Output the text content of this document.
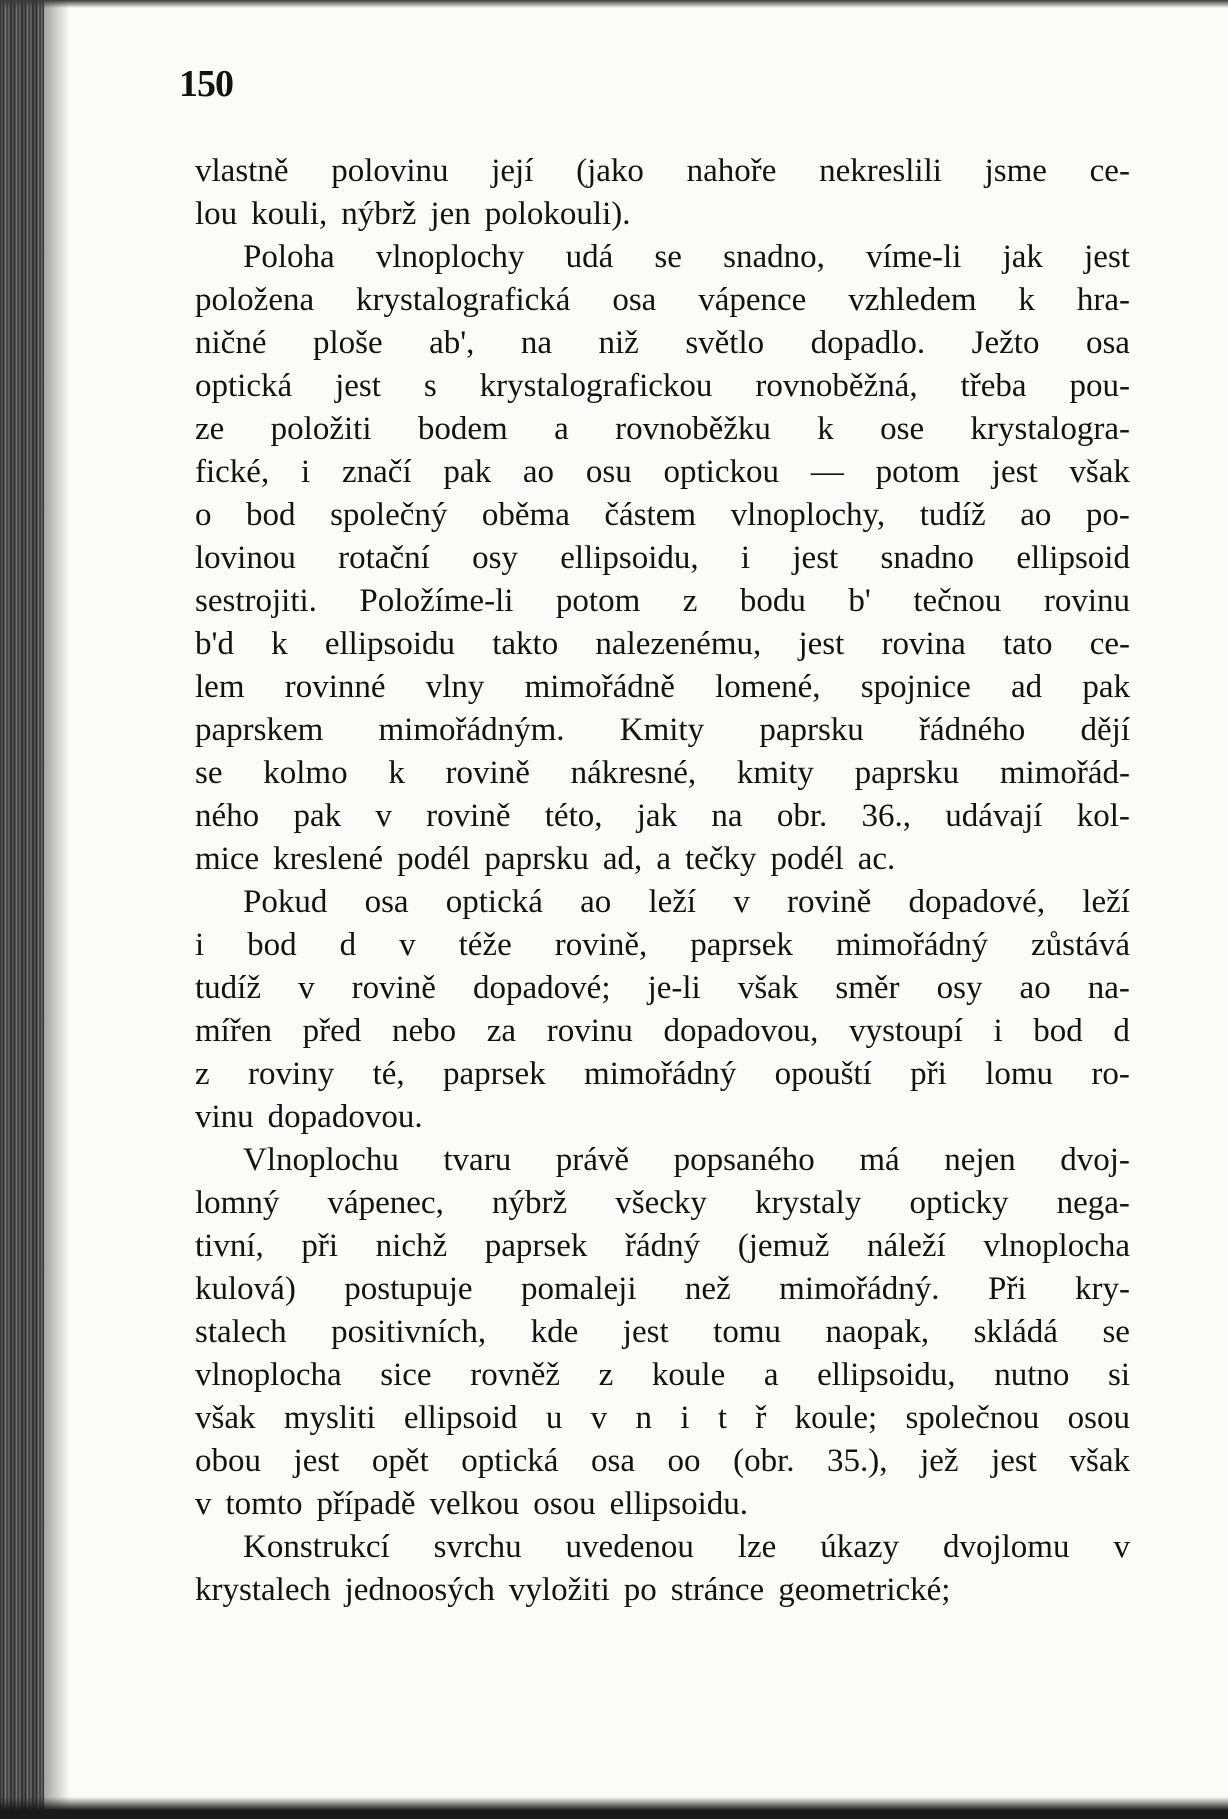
150
vlastně polovinu její (jako nahoře nekreslili jsme ce-
lou kouli, nýbrž jen polokouli).
Poloha vlnoplochy udá se snadno, víme-li jak jest
položena krystalografická osa vápence vzhledem k hra-
ničné ploše ab', na niž světlo dopadlo. Ježto osa
optická jest s krystalografickou rovnoběžná, třeba pou-
ze položiti bodem a rovnoběžku k ose krystalogra-
fické, i značí pak ao osu optickou — potom jest však
o bod společný oběma částem vlnoplochy, tudíž ao po-
lovinou rotační osy ellipsoidu, i jest snadno ellipsoid
sestrojiti. Položíme-li potom z bodu b' tečnou rovinu
b'd k ellipsoidu takto nalezenému, jest rovina tato ce-
lem rovinné vlny mimořádně lomené, spojnice ad pak
paprskem mimořádným. Kmity paprsku řádného dějí
se kolmo k rovině nákresné, kmity paprsku mimořád-
ného pak v rovině této, jak na obr. 36., udávají kol-
mice kreslené podél paprsku ad, a tečky podél ac.
Pokud osa optická ao leží v rovině dopadové, leží
i bod d v téže rovině, paprsek mimořádný zůstává
tudíž v rovině dopadové; je-li však směr osy ao na-
mířen před nebo za rovinu dopadovou, vystoupí i bod d
z roviny té, paprsek mimořádný opouští při lomu ro-
vinu dopadovou.
Vlnoplochu tvaru právě popsaného má nejen dvoj-
lomný vápenec, nýbrž všecky krystaly opticky nega-
tivní, při nichž paprsek řádný (jemuž náleží vlnoplocha
kulová) postupuje pomaleji než mimořádný. Při kry-
stalech positivních, kde jest tomu naopak, skládá se
vlnoplocha sice rovněž z koule a ellipsoidu, nutno si
však mysliti ellipsoid u v n i t ř koule; společnou osou
obou jest opět optická osa oo (obr. 35.), jež jest však
v tomto případě velkou osou ellipsoidu.
Konstrukcí svrchu uvedenou lze úkazy dvojlomu v
krystalech jednoosých vyložiti po stránce geometrické;
